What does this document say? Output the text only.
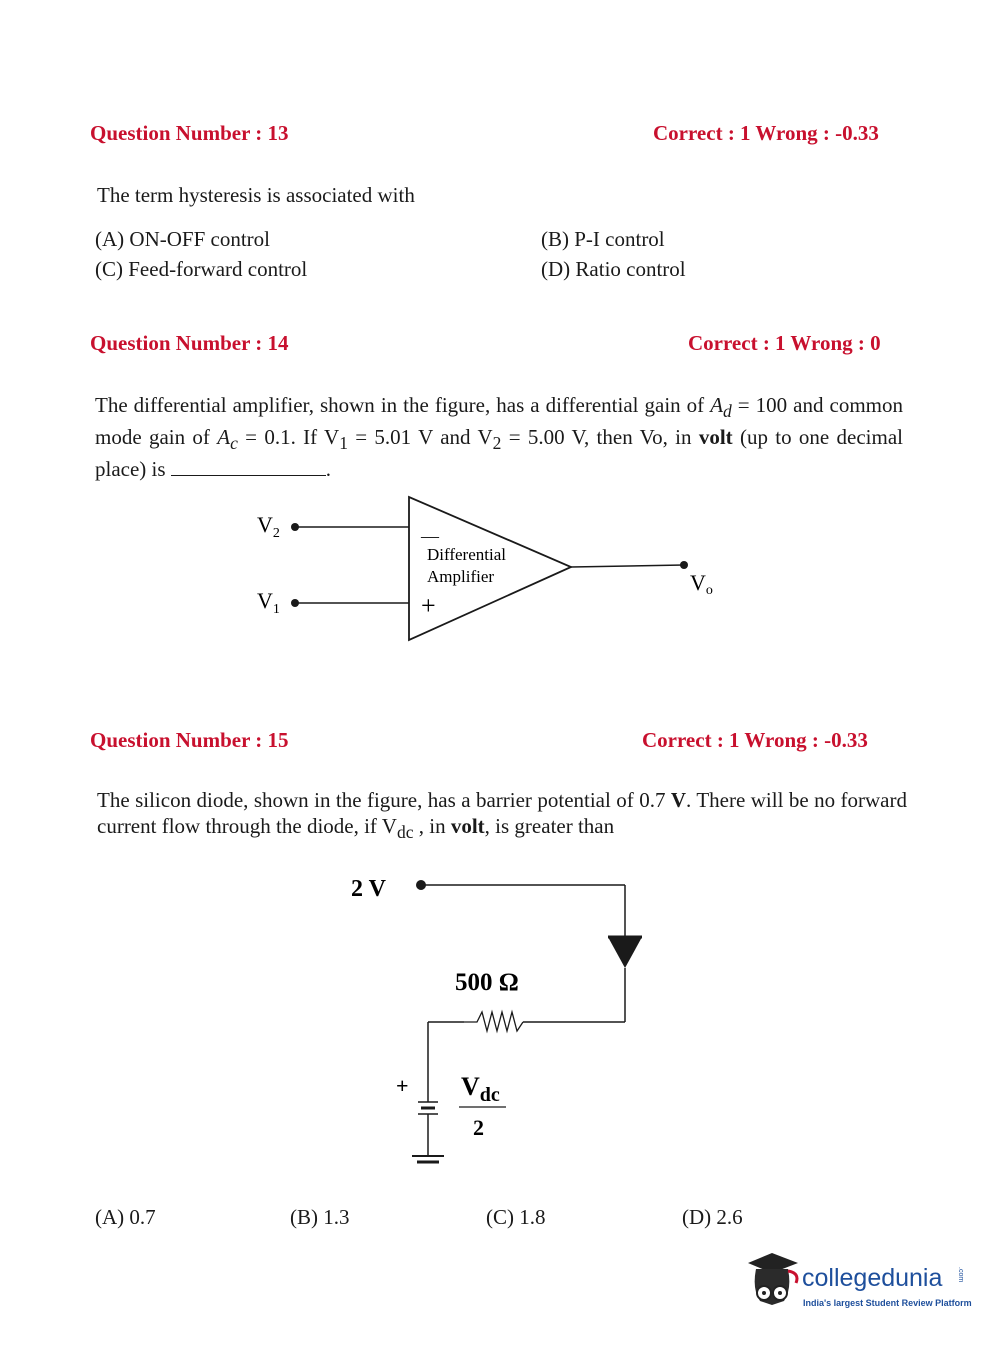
Question Number : 13	Correct : 1 Wrong : -0.33
The term hysteresis is associated with
(A) ON-OFF control	(B) P-I control
(C) Feed-forward control	(D) Ratio control
Question Number : 14	Correct : 1 Wrong : 0
The differential amplifier, shown in the figure, has a differential gain of $A_d = 100$ and common mode gain of $A_c = 0.1$. If $V_1 = 5.01$ V and $V_2 = 5.00$ V, then Vo, in volt (up to one decimal place) is	.
$V_2$
$V_1$
—
Differential
Amplifier
+
Vo
Question Number : 15	Correct : 1 Wrong : -0.33
The silicon diode, shown in the figure, has a barrier potential of 0.7 V. There will be no forward current flow through the diode, if $V_{dc}$ , in volt, is greater than
2 V
500 Ω
+ $V_{dc}$
2
(A) 0.7	(B) 1.3	(C) 1.8	(D) 2.6
collegedunia .com
India's largest Student Review Platform
